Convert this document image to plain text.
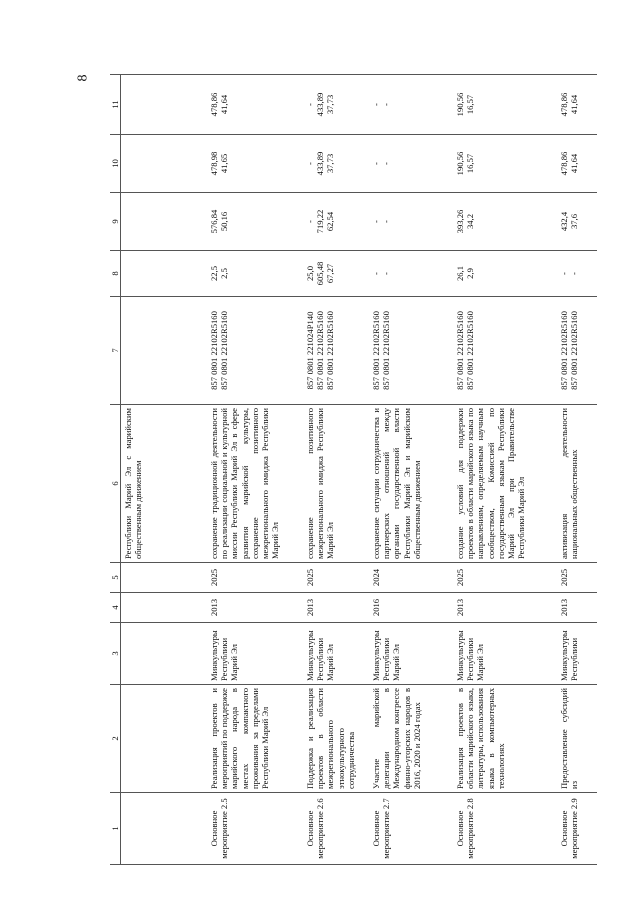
8
1	2	3	4	5	6	7	8	9	10	11
					Республики Марий Эл с марийским общественным движением					
Основное мероприятие 2.5	Реализация проектов и мероприятий по поддержке марийского народа в местах компактного проживания за пределами Республики Марий Эл	Минкультуры Республики Марий Эл	2013	2025	сохранение традиционной деятельности по реализации социальной и культурной миссии Республики Марий Эл в сфере развития марийской культуры, сохранение позитивного межрегионального имиджа Республики Марий Эл	857 0801 22102R5160 857 0801 22102R5160	22,5 2,5	576,84 50,16	478,98 41,65	478,86 41,64

Основное мероприятие 2.6	Поддержка и реализация проектов в области межрегионального этнокультурного сотрудничества	Минкультуры Республики Марий Эл	2013	2025	сохранение позитивного межрегионального имиджа Республики Марий Эл	857 0801 221024Р140 857 0801 22102R5160 857 0801 22102R5160	25,0 605,48 67,27	- 719,22 62,54	- 433,89 37,73	- 433,89 37,73

Основное мероприятие 2.7	Участие марийской делегации в Международном конгрессе финно-угорских народов в 2016, 2020 и 2024 годах	Минкультуры Республики Марий Эл	2016	2024	сохранение ситуации сотрудничества и партнерских отношений между органами государственной власти Республики Марий Эл и марийским общественным движением	857 0801 22102R5160 857 0801 22102R5160	- -	- -	- -	- -

Основное мероприятие 2.8	Реализация проектов в области марийского языка, литературы, использования языка в компьютерных технологиях	Минкультуры Республики Марий Эл	2013	2025	создание условий для поддержки проектов в области марийского языка по направлениям, определяемым научным сообществом, Комиссией по государственным языкам Республики Марий Эл при Правительстве Республики Марий Эл	857 0801 22102R5160 857 0801 22102R5160	26,1 2,9	393,26 34,2	190,56 16,57	190,56 16,57

Основное мероприятие 2.9	Предоставление субсидий из	Минкультуры Республики	2013	2025	активизация деятельности национальных общественных	857 0801 22102R5160 857 0801 22102R5160	- -	432,4 37,6	478,86 41,64	478,86 41,64
